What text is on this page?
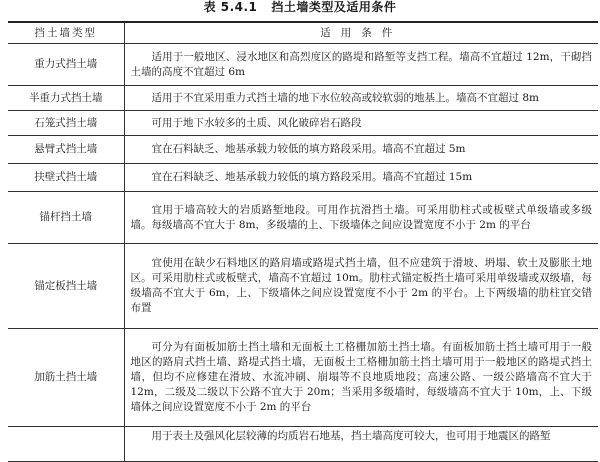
表 5.4.1 挡土墙类型及适用条件
挡土墙类型	适用条件
重力式挡土墙	适用于一般地区、浸水地区和高烈度区的路堤和路堑等支挡工程。墙高不宜超过 12m，干砌挡土墙的高度不宜超过 6m
半重力式挡土墙	适用于不宜采用重力式挡土墙的地下水位较高或较软弱的地基上。墙高不宜超过 8m
石笼式挡土墙	可用于地下水较多的土质、风化破碎岩石路段
悬臂式挡土墙	宜在石料缺乏、地基承载力较低的填方路段采用。墙高不宜超过 5m
扶壁式挡土墙	宜在石料缺乏、地基承载力较低的填方路段采用。墙高不宜超过 15m
锚杆挡土墙	宜用于墙高较大的岩质路堑地段。可用作抗滑挡土墙。可采用肋柱式或板壁式单级墙或多级墙。每级墙高不宜大于 8m，多级墙的上、下级墙体之间应设置宽度不小于 2m 的平台
锚定板挡土墙	宜使用在缺少石料地区的路肩墙或路堤式挡土墙，但不应建筑于滑坡、坍塌、软土及膨胀土地区。可采用肋柱式或板壁式，墙高不宜超过 10m。肋柱式锚定板挡土墙可采用单级墙或双级墙，每级墙高不宜大于 6m，上、下级墙体之间应设置宽度不小于 2m 的平台。上下两级墙的肋柱宜交错布置
加筋土挡土墙	可分为有面板加筋土挡土墙和无面板土工格栅加筋土挡土墙。有面板加筋土挡土墙可用于一般地区的路肩式挡土墙、路堤式挡土墙，无面板土工格栅加筋土挡土墙可用于一般地区的路堤式挡土墙，但均不应修建在滑坡、水流冲刷、崩塌等不良地质地段；高速公路、一级公路墙高不宜大于 12m，二级及二级以下公路不宜大于 20m；当采用多级墙时，每级墙高不宜大于 10m，上、下级墙体之间应设置宽度不小于 2m 的平台
	用于表土及强风化层较薄的均质岩石地基，挡土墙高度可较大，也可用于地震区的路堑
